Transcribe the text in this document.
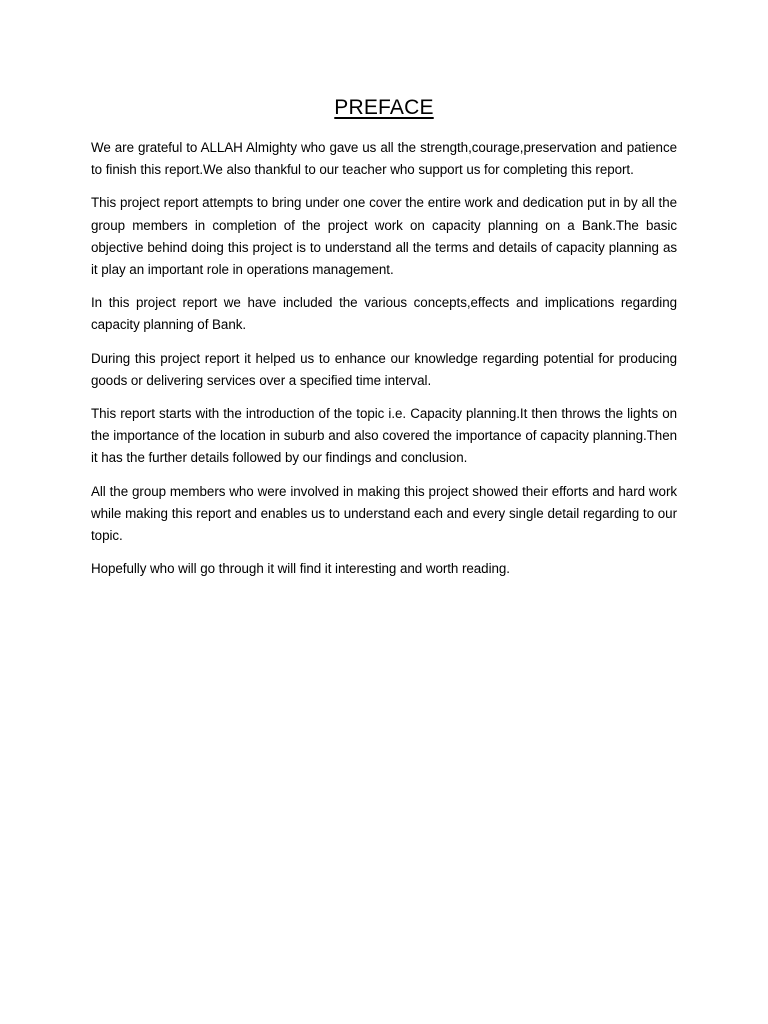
PREFACE

We are grateful to ALLAH Almighty who gave us all the strength,courage,preservation and patience to finish this report.We also thankful to our teacher who support us for completing this report.

This project report attempts to bring under one cover the entire work and dedication put in by all the group members in completion of the project work on capacity planning on a Bank.The basic objective behind doing this project is to understand all the terms and details of capacity planning as it play an important role in operations management.

In this project report we have included the various concepts,effects and implications regarding capacity planning of Bank.

During this project report it helped us to enhance our knowledge regarding potential for producing goods or delivering services over a specified time interval.

This report starts with the introduction of the topic i.e. Capacity planning.It then throws the lights on the importance of the location in suburb and also covered the importance of capacity planning.Then it has the further details followed by our findings and conclusion.

All the group members who were involved in making this project showed their efforts and hard work while making this report and enables us to understand each and every single detail regarding to our topic.

Hopefully who will go through it will find it interesting and worth reading.
